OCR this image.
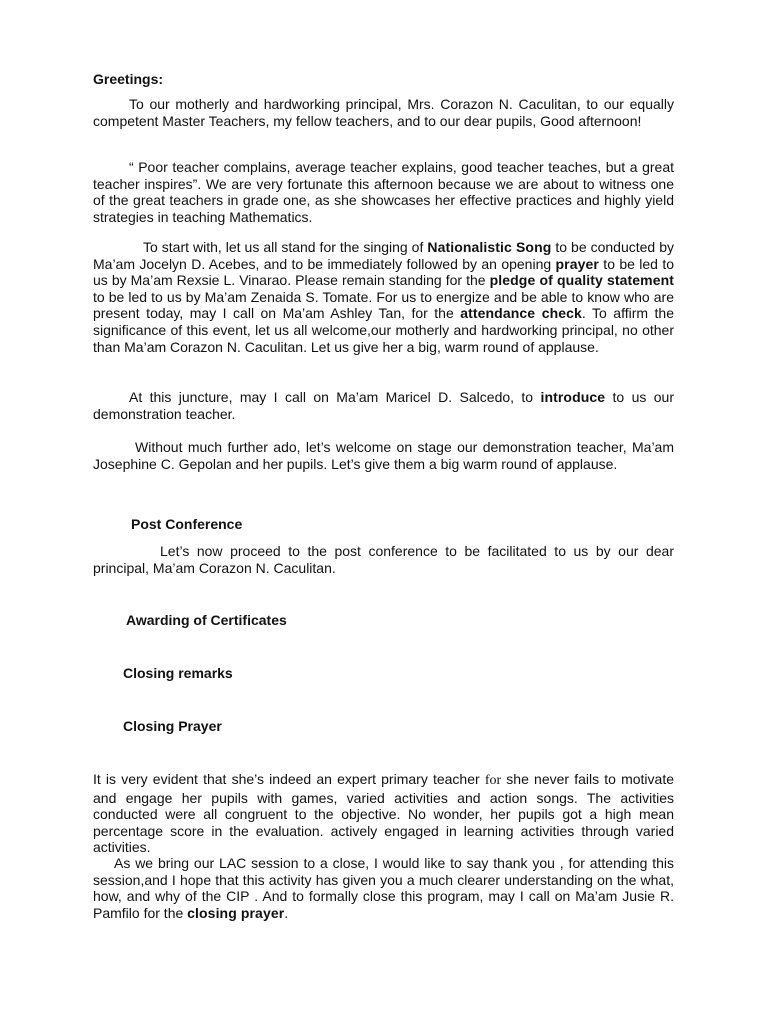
Greetings:

To our motherly and hardworking principal, Mrs. Corazon N. Caculitan, to our equally competent Master Teachers, my fellow teachers, and to our dear pupils, Good afternoon!

“ Poor teacher complains, average teacher explains, good teacher teaches, but a great teacher inspires”. We are very fortunate this afternoon because we are about to witness one of the great teachers in grade one, as she showcases her effective practices and highly yield strategies in teaching Mathematics.

To start with, let us all stand for the singing of Nationalistic Song to be conducted by Ma’am Jocelyn D. Acebes, and to be immediately followed by an opening prayer to be led to us by Ma’am Rexsie L. Vinarao. Please remain standing for the pledge of quality statement to be led to us by Ma’am Zenaida S. Tomate. For us to energize and be able to know who are present today, may I call on Ma’am Ashley Tan, for the attendance check. To affirm the significance of this event, let us all welcome,our motherly and hardworking principal, no other than Ma’am Corazon N. Caculitan. Let us give her a big, warm round of applause.

At this juncture, may I call on Ma’am Maricel D. Salcedo, to introduce to us our demonstration teacher.

Without much further ado, let’s welcome on stage our demonstration teacher, Ma’am Josephine C. Gepolan and her pupils. Let’s give them a big warm round of applause.

Post Conference

Let’s now proceed to the post conference to be facilitated to us by our dear principal, Ma’am Corazon N. Caculitan.

Awarding of Certificates

Closing remarks

Closing Prayer

It is very evident that she’s indeed an expert primary teacher for she never fails to motivate and engage her pupils with games, varied activities and action songs. The activities conducted were all congruent to the objective. No wonder, her pupils got a high mean percentage score in the evaluation. actively engaged in learning activities through varied activities.

As we bring our LAC session to a close, I would like to say thank you , for attending this session,and I hope that this activity has given you a much clearer understanding on the what, how, and why of the CIP . And to formally close this program, may I call on Ma’am Jusie R. Pamfilo for the closing prayer.
